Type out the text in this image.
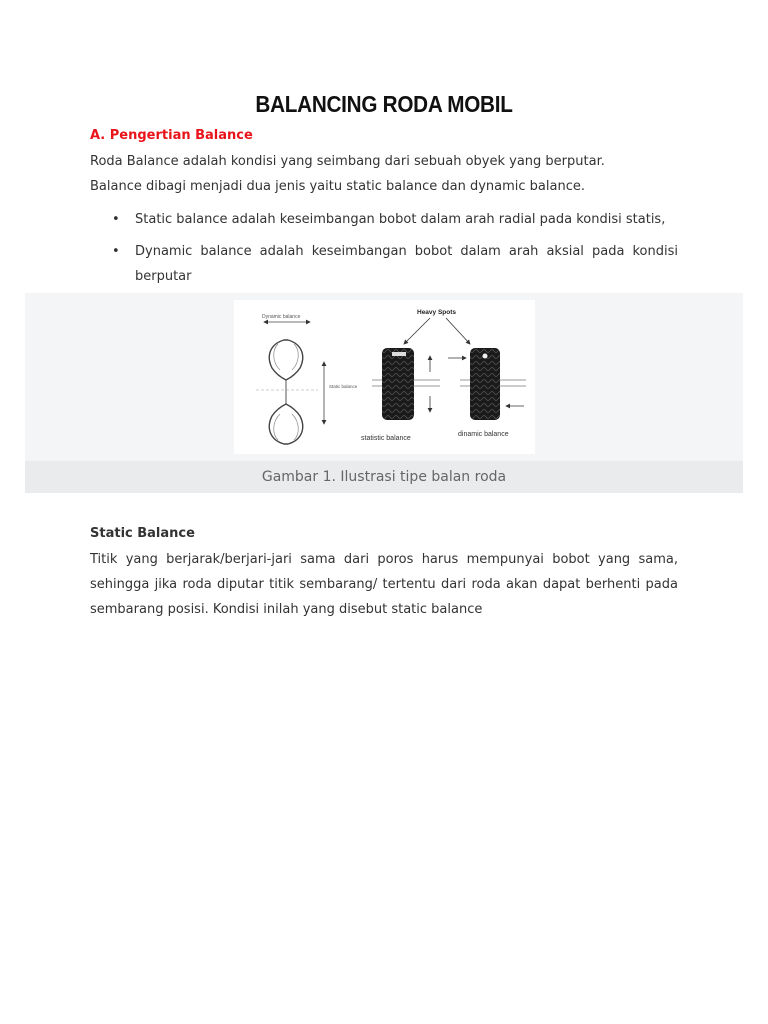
BALANCING RODA MOBIL
A. Pengertian Balance
Roda Balance adalah kondisi yang seimbang dari sebuah obyek yang berputar.
Balance dibagi menjadi dua jenis yaitu static balance dan dynamic balance.
• Static balance adalah keseimbangan bobot dalam arah radial pada kondisi statis,
• Dynamic balance adalah keseimbangan bobot dalam arah aksial pada kondisi berputar
Dynamic balance
Static balance
Heavy Spots
statistic balance
dinamic balance
Gambar 1. Ilustrasi tipe balan roda
Static Balance
Titik yang berjarak/berjari-jari sama dari poros harus mempunyai bobot yang sama, sehingga jika roda diputar titik sembarang/ tertentu dari roda akan dapat berhenti pada sembarang posisi. Kondisi inilah yang disebut static balance
